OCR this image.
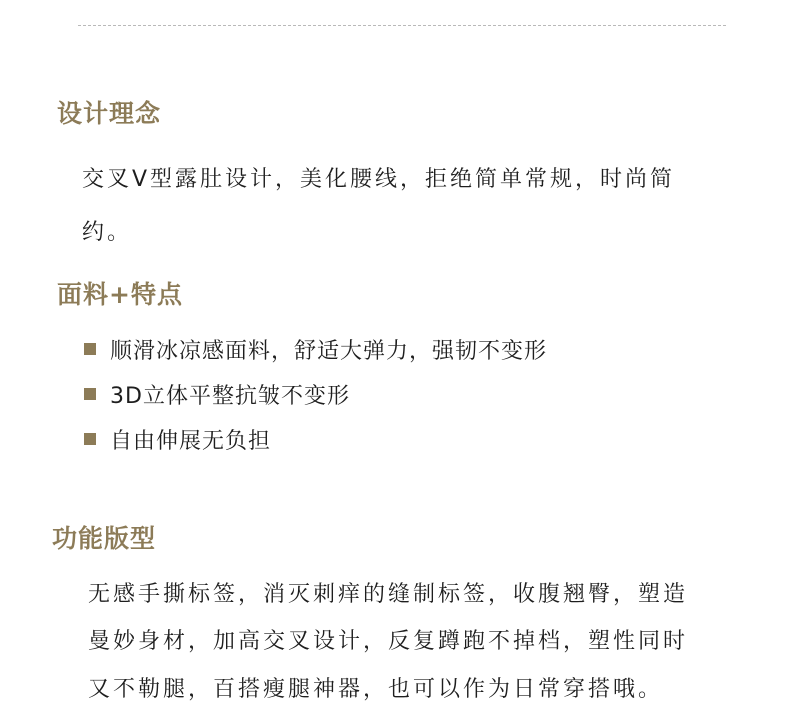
设计理念

交叉V型露肚设计，美化腰线，拒绝简单常规，时尚简

约。

面料+特点
顺滑冰凉感面料，舒适大弹力，强韧不变形
3D立体平整抗皱不变形
自由伸展无负担
功能版型

无感手撕标签，消灭刺痒的缝制标签，收腹翘臀，塑造

曼妙身材，加高交叉设计，反复蹲跑不掉档，塑性同时

又不勒腿，百搭瘦腿神器，也可以作为日常穿搭哦。
